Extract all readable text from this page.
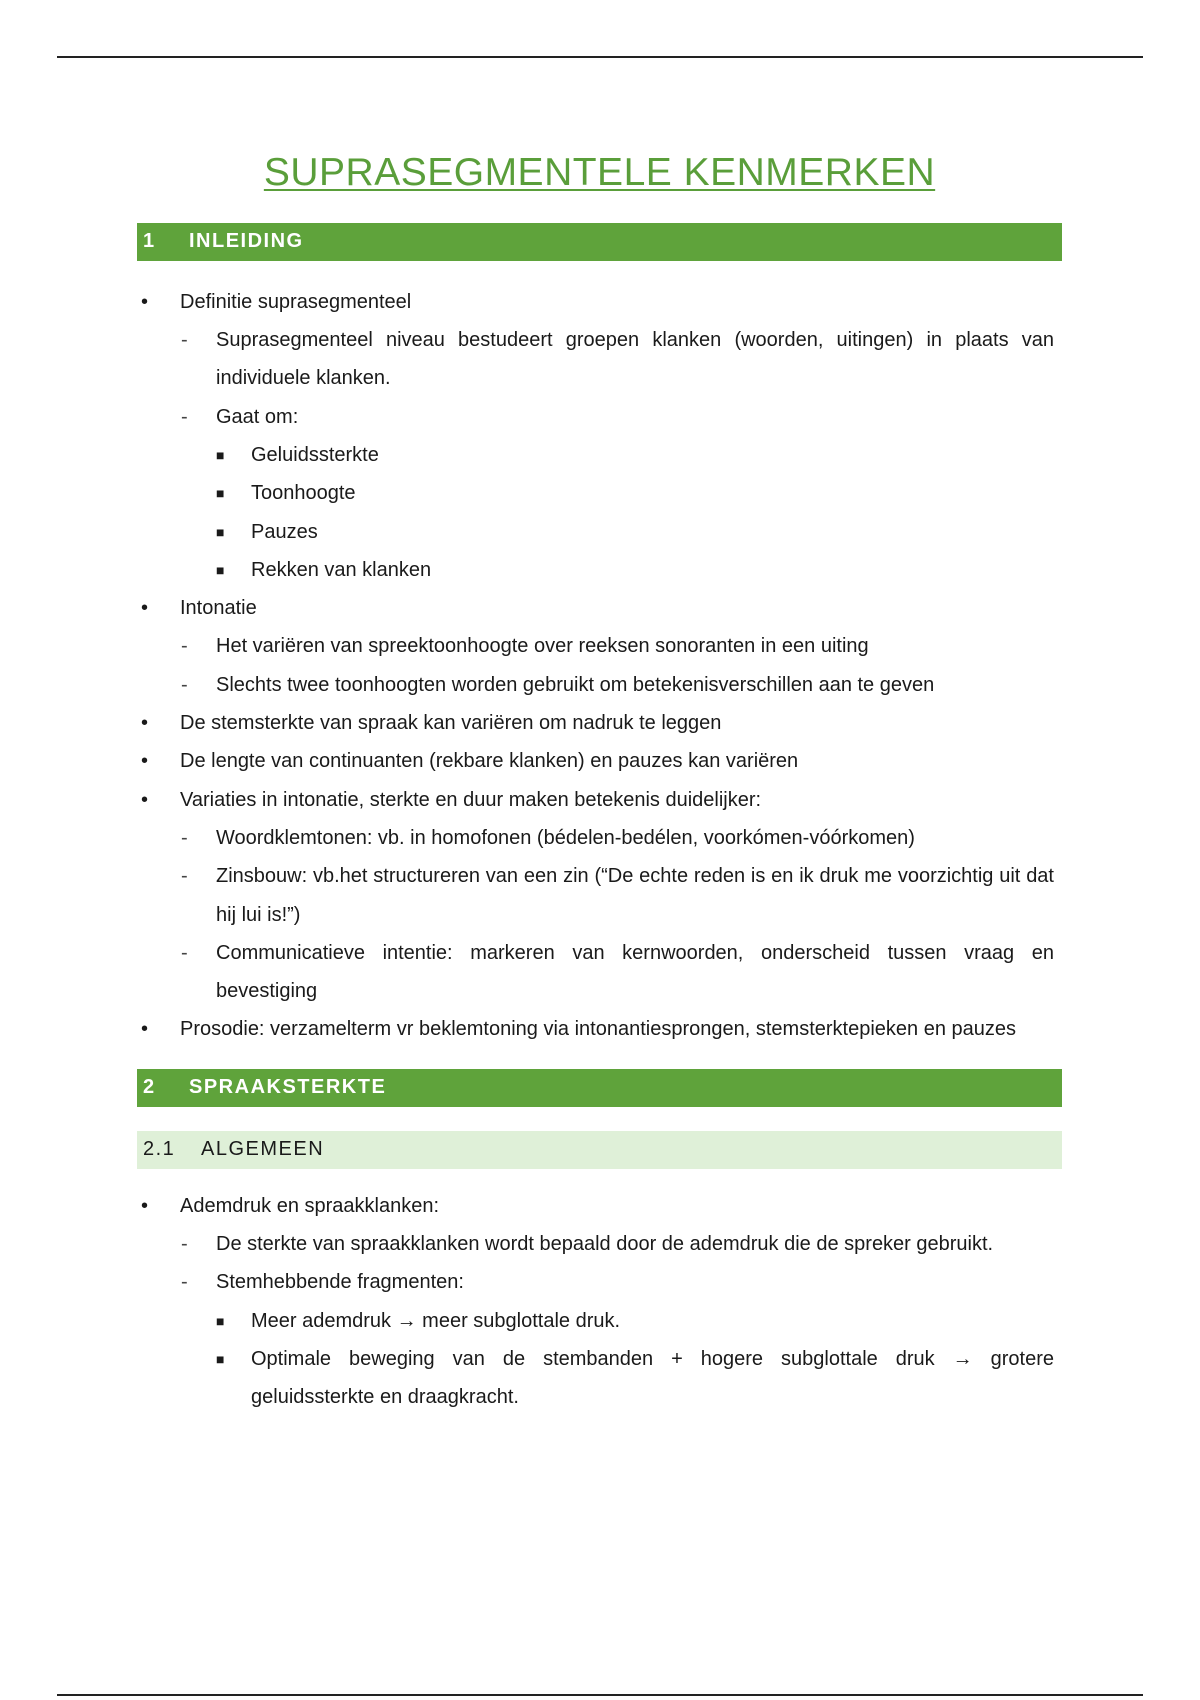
SUPRASEGMENTELE KENMERKEN
1	INLEIDING
• Definitie suprasegmenteel
- Suprasegmenteel niveau bestudeert groepen klanken (woorden, uitingen) in plaats van individuele klanken.
- Gaat om:
■ Geluidssterkte
■ Toonhoogte
■ Pauzes
■ Rekken van klanken
• Intonatie
- Het variëren van spreektoonhoogte over reeksen sonoranten in een uiting
- Slechts twee toonhoogten worden gebruikt om betekenisverschillen aan te geven
• De stemsterkte van spraak kan variëren om nadruk te leggen
• De lengte van continuanten (rekbare klanken) en pauzes kan variëren
• Variaties in intonatie, sterkte en duur maken betekenis duidelijker:
- Woordklemtonen: vb. in homofonen (bédelen-bedélen, voorkómen-vóórkomen)
- Zinsbouw: vb.het structureren van een zin (“De echte reden is en ik druk me voorzichtig uit dat hij lui is!”)
- Communicatieve intentie: markeren van kernwoorden, onderscheid tussen vraag en bevestiging
• Prosodie: verzamelterm vr beklemtoning via intonantiesprongen, stemsterktepieken en pauzes
2	SPRAAKSTERKTE
2.1	ALGEMEEN
• Ademdruk en spraakklanken:
- De sterkte van spraakklanken wordt bepaald door de ademdruk die de spreker gebruikt.
- Stemhebbende fragmenten:
■ Meer ademdruk → meer subglottale druk.
■ Optimale beweging van de stembanden + hogere subglottale druk → grotere geluidssterkte en draagkracht.
